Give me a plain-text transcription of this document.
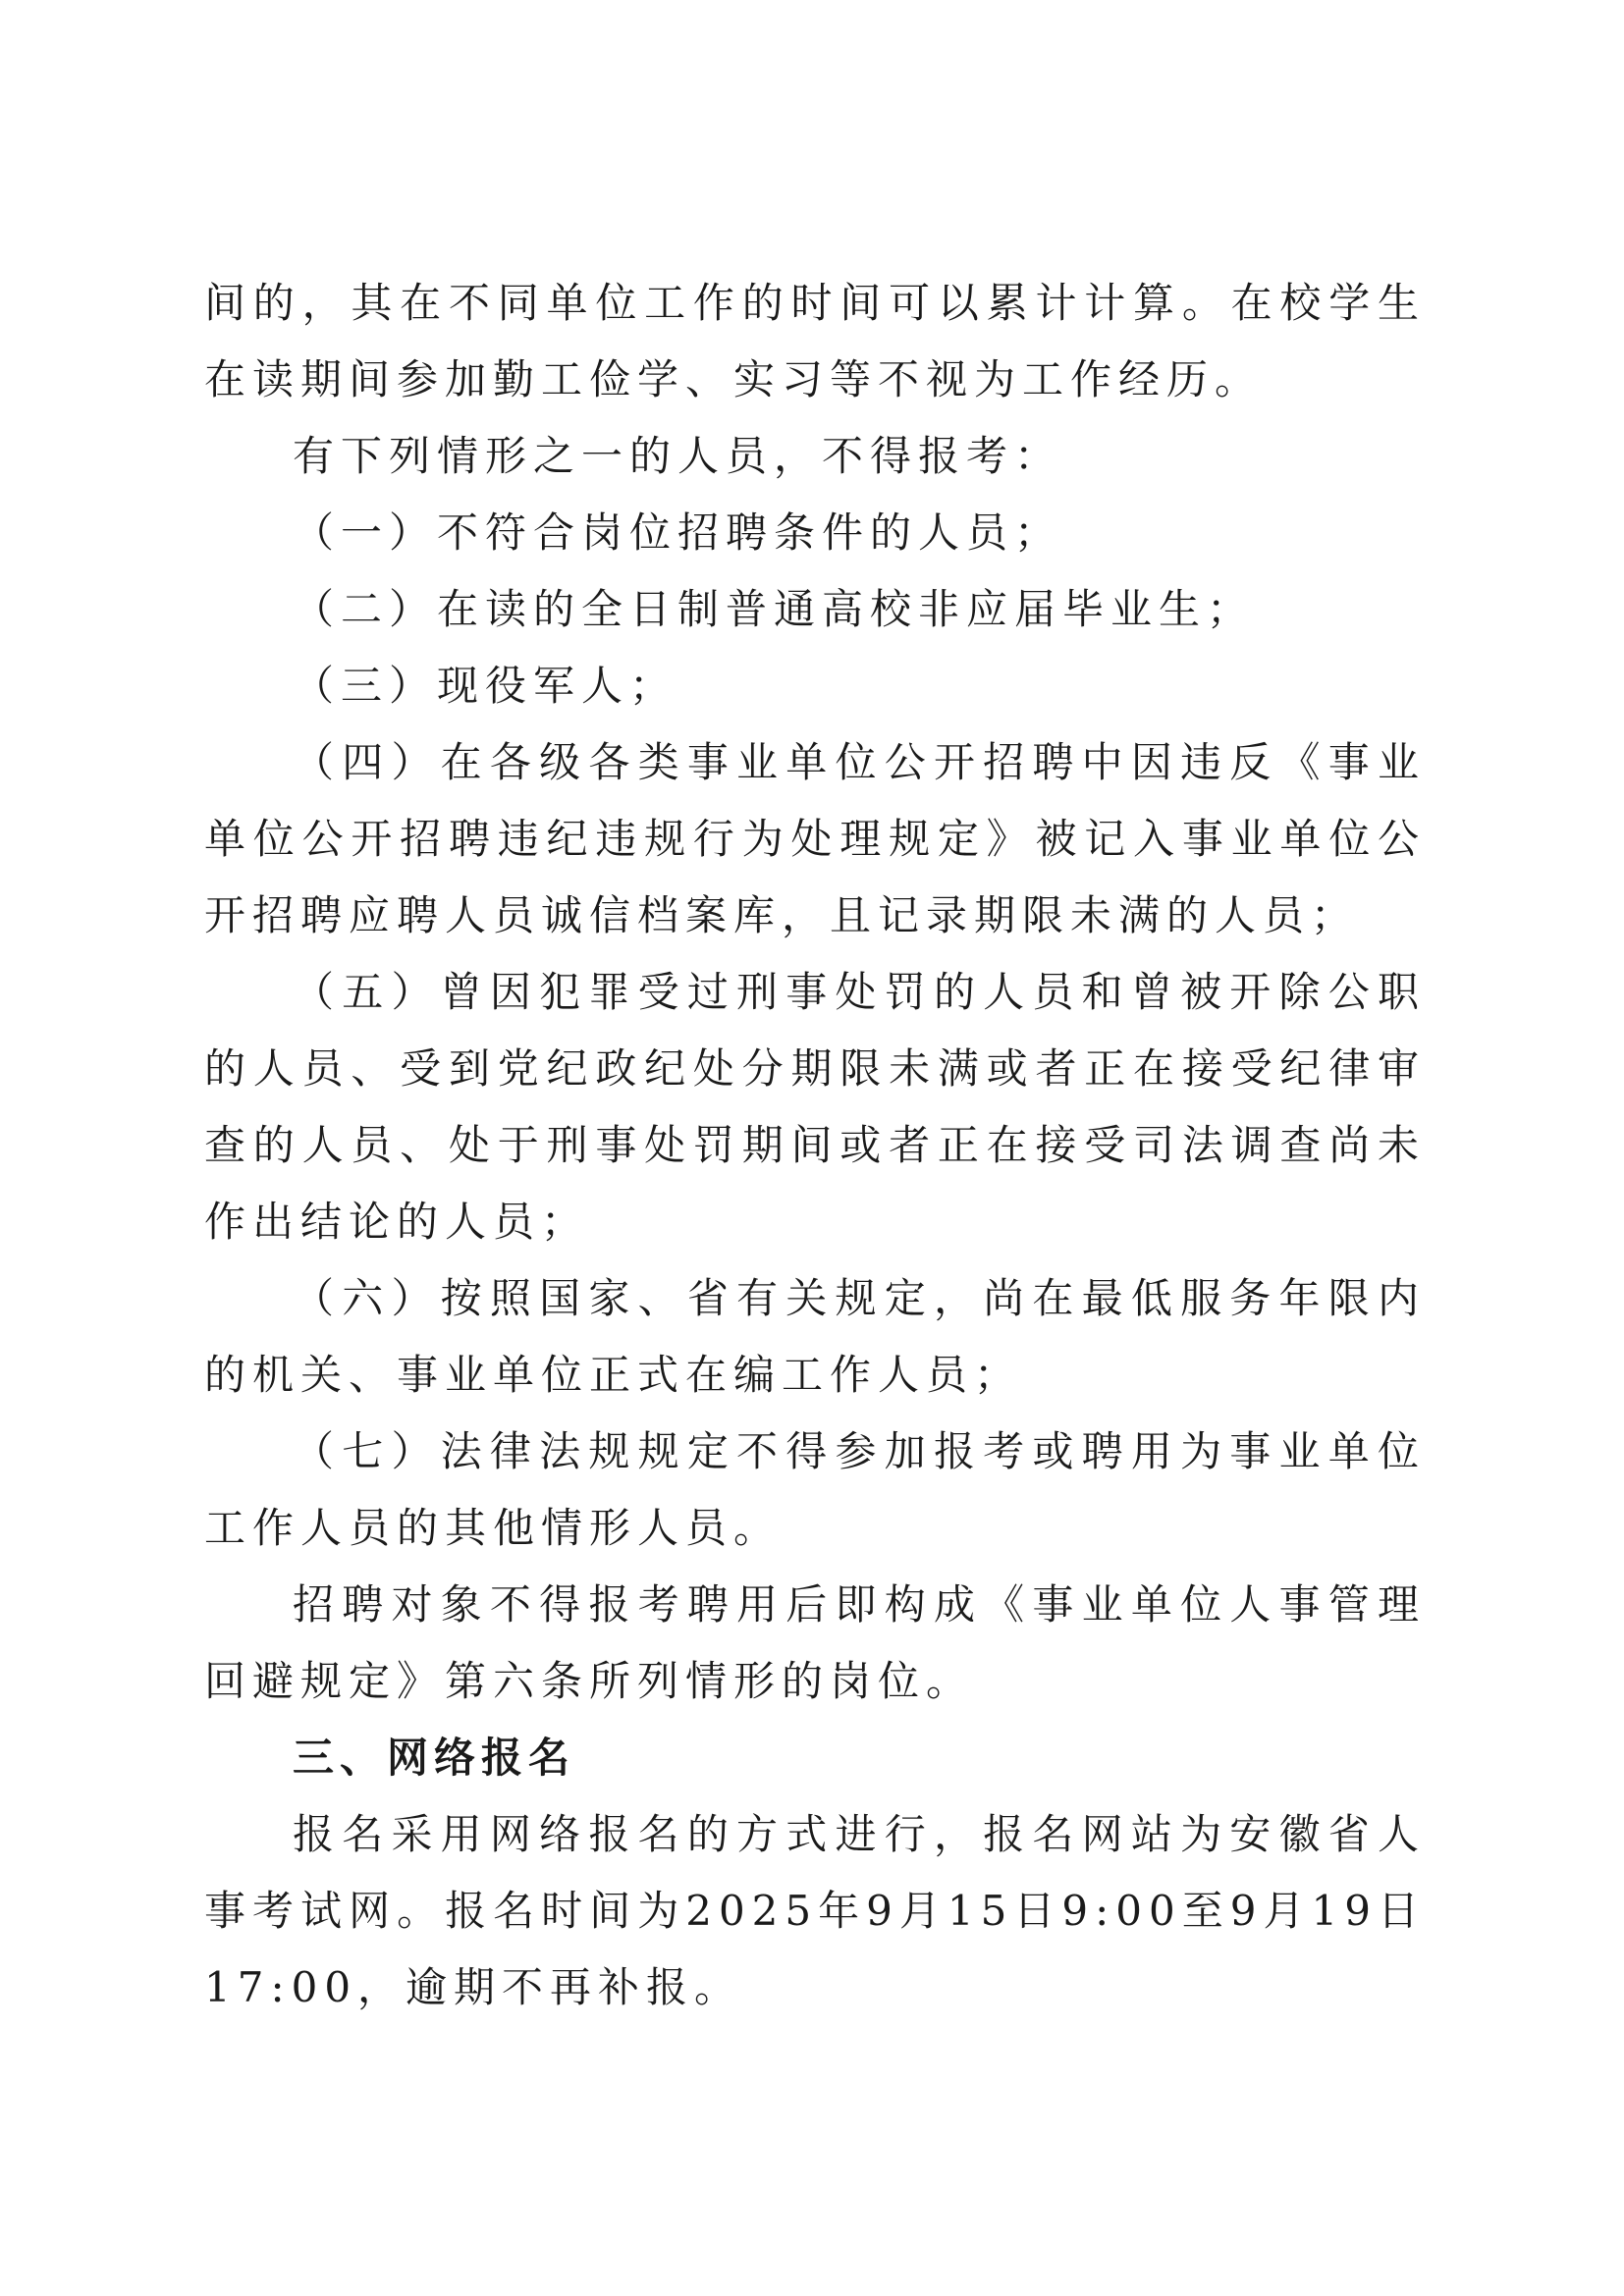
间的，其在不同单位工作的时间可以累计计算。在校学生在读期间参加勤工俭学、实习等不视为工作经历。

有下列情形之一的人员，不得报考：

（一）不符合岗位招聘条件的人员；

（二）在读的全日制普通高校非应届毕业生；

（三）现役军人；

（四）在各级各类事业单位公开招聘中因违反《事业单位公开招聘违纪违规行为处理规定》被记入事业单位公开招聘应聘人员诚信档案库，且记录期限未满的人员；

（五）曾因犯罪受过刑事处罚的人员和曾被开除公职的人员、受到党纪政纪处分期限未满或者正在接受纪律审查的人员、处于刑事处罚期间或者正在接受司法调查尚未作出结论的人员；

（六）按照国家、省有关规定，尚在最低服务年限内的机关、事业单位正式在编工作人员；

（七）法律法规规定不得参加报考或聘用为事业单位工作人员的其他情形人员。

招聘对象不得报考聘用后即构成《事业单位人事管理回避规定》第六条所列情形的岗位。

三、网络报名

报名采用网络报名的方式进行，报名网站为安徽省人事考试网。报名时间为2025年9月15日9:00至9月19日17:00，逾期不再补报。
